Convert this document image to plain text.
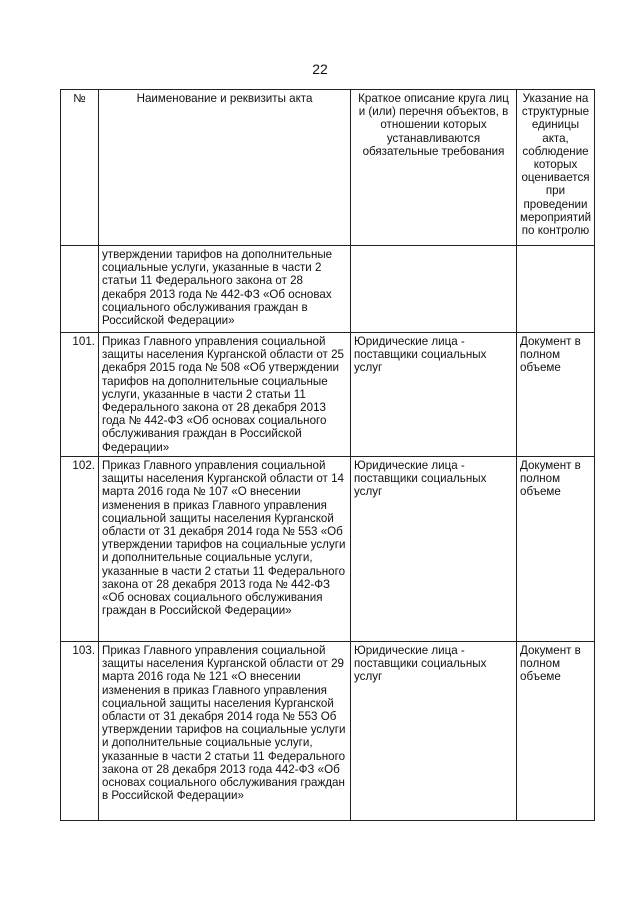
22
№	Наименование и реквизиты акта	Краткое описание круга лиц и (или) перечня объектов, в отношении которых устанавливаются обязательные требования	Указание на структурные единицы акта, соблюдение которых оценивается при проведении мероприятий по контролю
	утверждении тарифов на дополнительные социальные услуги, указанные в части 2 статьи 11 Федерального закона от 28 декабря 2013 года № 442-ФЗ «Об основах социального обслуживания граждан в Российской Федерации»		
101.	Приказ Главного управления социальной защиты населения Курганской области от 25 декабря 2015 года № 508 «Об утверждении тарифов на дополнительные социальные услуги, указанные в части 2 статьи 11 Федерального закона от 28 декабря 2013 года № 442-ФЗ «Об основах социального обслуживания граждан в Российской Федерации»	Юридические лица - поставщики социальных услуг	Документ в полном объеме
102.	Приказ Главного управления социальной защиты населения Курганской области от 14 марта 2016 года № 107 «О внесении изменения в приказ Главного управления социальной защиты населения Курганской области от 31 декабря 2014 года № 553 «Об утверждении тарифов на социальные услуги и дополнительные социальные услуги, указанные в части 2 статьи 11 Федерального закона от 28 декабря 2013 года № 442-ФЗ «Об основах социального обслуживания граждан в Российской Федерации»	Юридические лица - поставщики социальных услуг	Документ в полном объеме
103.	Приказ Главного управления социальной защиты населения Курганской области от 29 марта 2016 года № 121 «О внесении изменения в приказ Главного управления социальной защиты населения Курганской области от 31 декабря 2014 года № 553 Об утверждении тарифов на социальные услуги и дополнительные социальные услуги, указанные в части 2 статьи 11 Федерального закона от 28 декабря 2013 года 442-ФЗ «Об основах социального обслуживания граждан в Российской Федерации»	Юридические лица - поставщики социальных услуг	Документ в полном объеме
